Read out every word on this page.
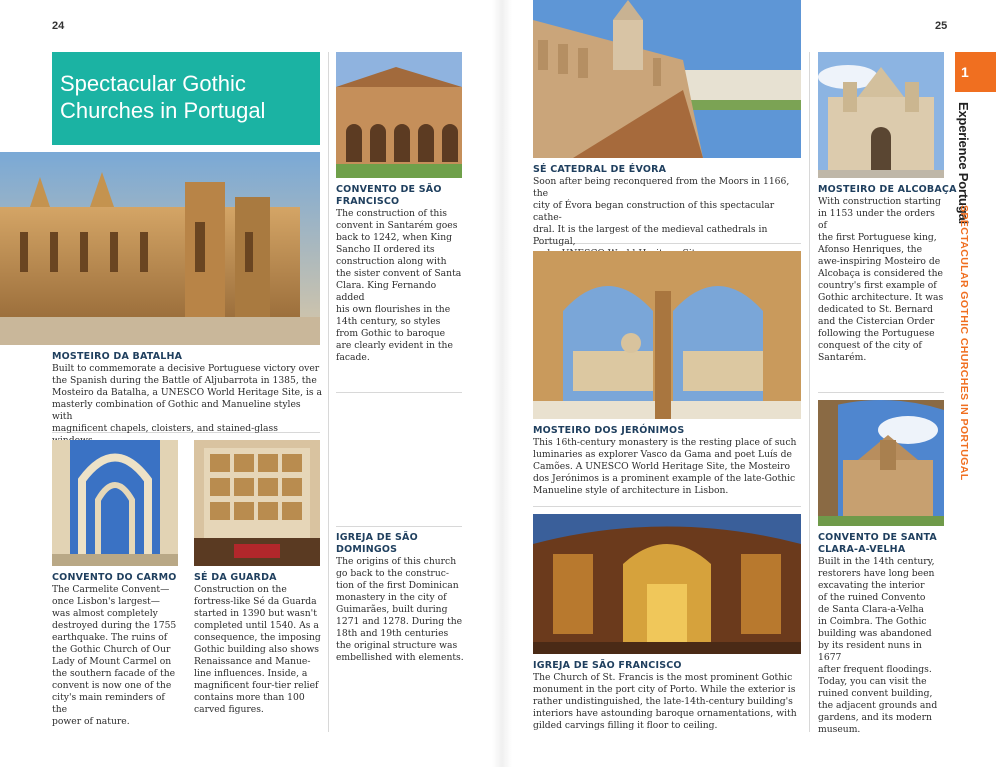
24	25
Spectacular Gothic Churches in Portugal
1
Experience Portugal
SPECTACULAR GOTHIC CHURCHES IN PORTUGAL
MOSTEIRO DA BATALHA
Built to commemorate a decisive Portuguese victory over
the Spanish during the Battle of Aljubarrota in 1385, the
Mosteiro da Batalha, a UNESCO World Heritage Site, is a
masterly combination of Gothic and Manueline styles with
magnificent chapels, cloisters, and stained-glass
CONVENTO DE SÃO
FRANCISCO
The construction of this
convent in Santarém goes
back to 1242, when King
Sancho II ordered its
construction along with
the sister convent of Santa
Clara. King Fernando added
his own flourishes in the
14th century, so styles
from Gothic to baroque
are clearly evident in the
facade.
CONVENTO DO CARMO
The Carmelite Convent—
once Lisbon's largest—
was almost completely
destroyed during the 1755
earthquake. The ruins of
the Gothic Church of Our
Lady of Mount Carmel on
the southern facade of the
convent is now one of the
city's main reminders of the
power of nature.
SÉ DA GUARDA
Construction on the
fortress-like Sé da Guarda
started in 1390 but wasn't
completed until 1540. As a
consequence, the imposing
Gothic building also shows
Renaissance and Manue-
line influences. Inside, a
magnificent four-tier relief
contains more than 100
carved figures.
IGREJA DE SÃO
DOMINGOS
The origins of this church
go back to the construc-
tion of the first Dominican
monastery in the city of
Guimarães, built during
1271 and 1278. During the
18th and 19th centuries
the original structure was
embellished with elements.
SÉ CATEDRAL DE ÉVORA
Soon after being reconquered from the Moors in 1166, the
city of Évora began construction of this spectacular cathe-
dral. It is the largest of the medieval cathedrals in Portugal,

MOSTEIRO DOS JERÓNIMOS
This 16th-century monastery is the resting place of such
luminaries as explorer Vasco da Gama and poet Luís de
Camões. A UNESCO World Heritage Site, the Mosteiro
dos Jerónimos is a prominent example of the late-Gothic
Manueline style of architecture in Lisbon.
IGREJA DE SÃO FRANCISCO
The Church of St. Francis is the most prominent Gothic
monument in the port city of Porto. While the exterior is
rather undistinguished, the late-14th-century building's
interiors have astounding baroque ornamentations, with
gilded carvings filling it floor to ceiling.
MOSTEIRO DE ALCOBAÇA
With construction starting
in 1153 under the orders of
the first Portuguese king,
Afonso Henriques, the
awe-inspiring Mosteiro de
Alcobaça is considered the
country's first example of
Gothic architecture. It was
dedicated to St. Bernard
and the Cistercian Order
following the Portuguese
conquest of the city of
Santarém.
CONVENTO DE SANTA
CLARA-A-VELHA
Built in the 14th century,
restorers have long been
excavating the interior
of the ruined Convento
de Santa Clara-a-Velha
in Coimbra. The Gothic
building was abandoned
by its resident nuns in 1677
after frequent floodings.
Today, you can visit the
ruined convent building,
the adjacent grounds and
gardens, and its modern
museum.
